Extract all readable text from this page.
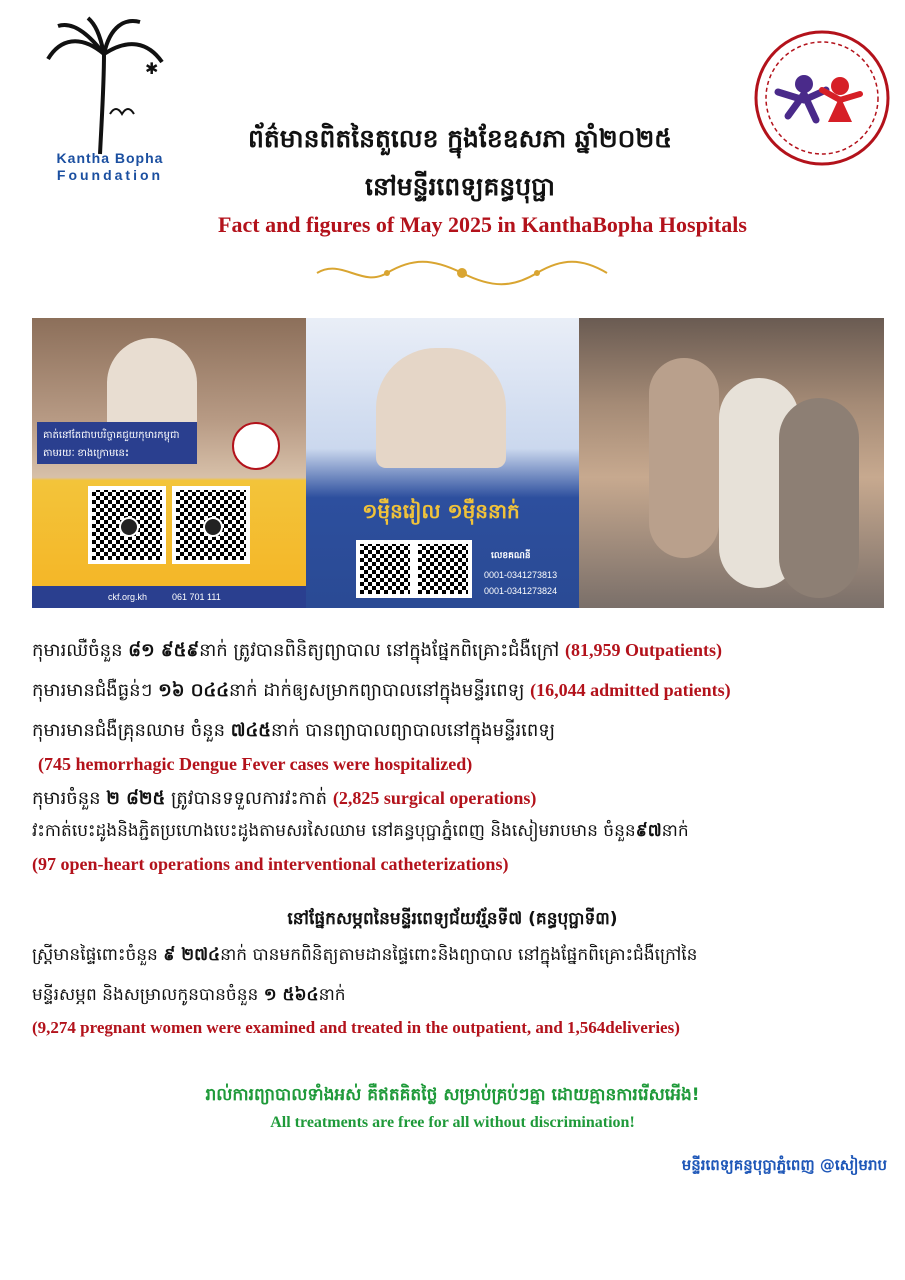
✱
Kantha Bopha
Foundation
ព័ត៌មានពិតនៃតួលេខ ក្នុងខែឧសភា ឆ្នាំ២០២៥
នៅមន្ទីរពេទ្យគន្ធបុប្ផា
Fact and figures of May 2025 in KanthaBopha Hospitals
គាត់នៅតែជាបបរិច្ចាគជួយកុមារកម្ពុជា
តាមរយៈ ខាងក្រោមនេះ
ckf.org.kh	061 701 111
១ម៉ឺនរៀល ១ម៉ឺននាក់
លេខគណនី
0001-0341273813
0001-0341273824
កុមារឈឺចំនួន ៨១ ៩៥៩នាក់ ត្រូវបានពិនិត្យព្យាបាល នៅក្នុងផ្នែកពិគ្រោះជំងឺក្រៅ (81,959 Outpatients)
កុមារមានជំងឺធ្ងន់ៗ ១៦ ០៤៤នាក់ ដាក់ឲ្យសម្រាកព្យាបាលនៅក្នុងមន្ទីរពេទ្យ (16,044 admitted patients)
កុមារមានជំងឺគ្រុនឈាម ចំនួន ៧៤៥នាក់ បានព្យាបាលព្យាបាលនៅក្នុងមន្ទីរពេទ្យ
(745 hemorrhagic Dengue Fever cases were hospitalized)
កុមារចំនួន ២ ៨២៥ ត្រូវបានទទួលការវះកាត់ (2,825 surgical operations)
វះកាត់បេះដូងនិងភ្ជិតប្រហោងបេះដូងតាមសរសៃឈាម នៅគន្ធបុប្ផាភ្នំពេញ និងសៀមរាបមាន ចំនួន៩៧នាក់
(97 open-heart operations and interventional catheterizations)
នៅផ្នែកសម្ភពនៃមន្ទីរពេទ្យជ័យវរ្ម័នទី៧ (គន្ធបុប្ផាទី៣)
ស្ត្រីមានផ្ទៃពោះចំនួន ៩ ២៧៤នាក់ បានមកពិនិត្យតាមដានផ្ទៃពោះនិងព្យាបាល នៅក្នុងផ្នែកពិគ្រោះជំងឺក្រៅនៃ
មន្ទីរសម្ភព និងសម្រាលកូនបានចំនួន ១ ៥៦៤នាក់
(9,274 pregnant women were examined and treated in the outpatient, and 1,564deliveries)
រាល់ការព្យាបាលទាំងអស់ គឺឥតគិតថ្លៃ សម្រាប់គ្រប់ៗគ្នា ដោយគ្មានការរើសអើង!
All treatments are free for all without discrimination!
មន្ទីរពេទ្យគន្ធបុប្ផាភ្នំពេញ @សៀមរាប
